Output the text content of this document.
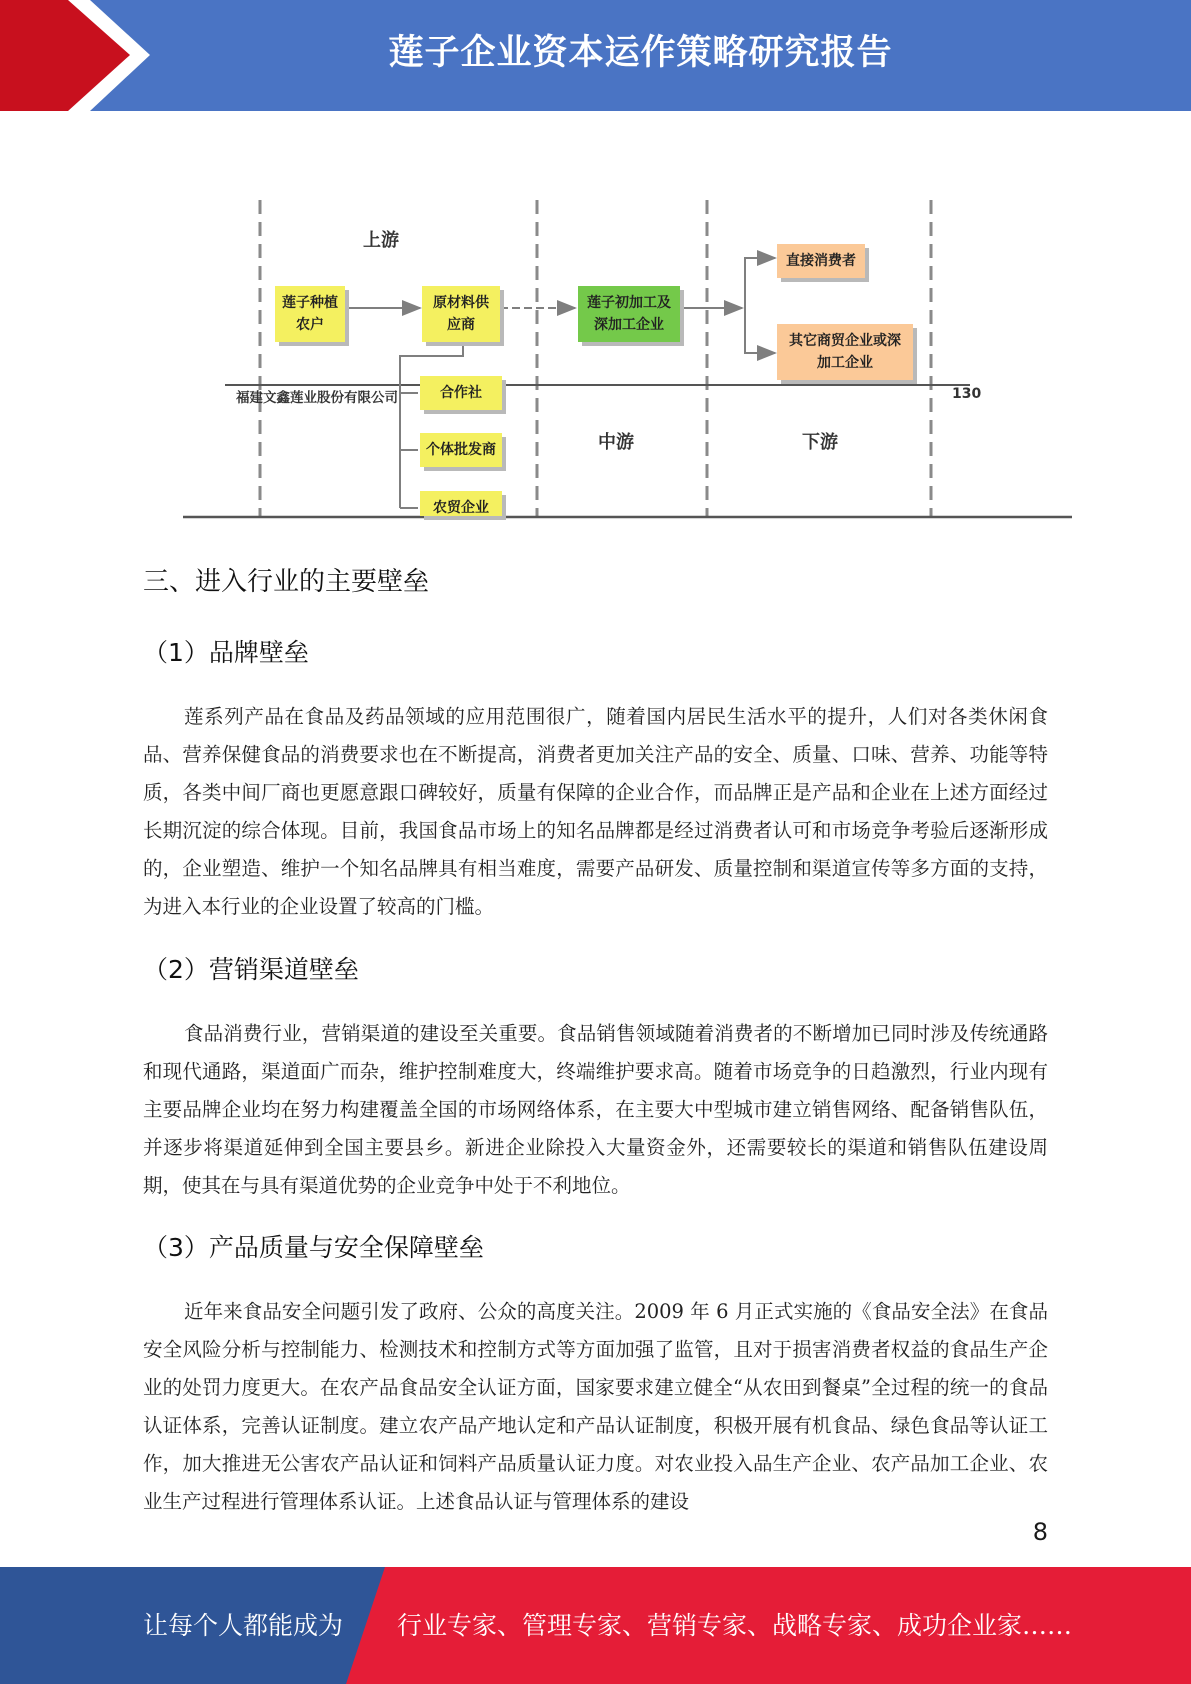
莲子企业资本运作策略研究报告
上游
中游	下游
福建文鑫莲业股份有限公司	130
莲子种植
农户
原材料供
应商
莲子初加工及
深加工企业
直接消费者
其它商贸企业或深
加工企业
合作社
个体批发商
农贸企业
三、进入行业的主要壁垒
（1）品牌壁垒

莲系列产品在食品及药品领域的应用范围很广，随着国内居民生活水平的提升，人们对各类休闲食品、营养保健食品的消费要求也在不断提高，消费者更加关注产品的安全、质量、口味、营养、功能等特质，各类中间厂商也更愿意跟口碑较好，质量有保障的企业合作，而品牌正是产品和企业在上述方面经过长期沉淀的综合体现。目前，我国食品市场上的知名品牌都是经过消费者认可和市场竞争考验后逐渐形成的，企业塑造、维护一个知名品牌具有相当难度，需要产品研发、质量控制和渠道宣传等多方面的支持，为进入本行业的企业设置了较高的门槛。

（2）营销渠道壁垒

食品消费行业，营销渠道的建设至关重要。食品销售领域随着消费者的不断增加已同时涉及传统通路和现代通路，渠道面广而杂，维护控制难度大，终端维护要求高。随着市场竞争的日趋激烈，行业内现有主要品牌企业均在努力构建覆盖全国的市场网络体系，在主要大中型城市建立销售网络、配备销售队伍，并逐步将渠道延伸到全国主要县乡。新进企业除投入大量资金外，还需要较长的渠道和销售队伍建设周期，使其在与具有渠道优势的企业竞争中处于不利地位。

（3）产品质量与安全保障壁垒

近年来食品安全问题引发了政府、公众的高度关注。2009 年 6 月正式实施的《食品安全法》在食品安全风险分析与控制能力、检测技术和控制方式等方面加强了监管，且对于损害消费者权益的食品生产企业的处罚力度更大。在农产品食品安全认证方面，国家要求建立健全“从农田到餐桌”全过程的统一的食品认证体系，完善认证制度。建立农产品产地认定和产品认证制度，积极开展有机食品、绿色食品等认证工作，加大推进无公害农产品认证和饲料产品质量认证力度。对农业投入品生产企业、农产品加工企业、农业生产过程进行管理体系认证。上述食品认证与管理体系的建设

8
让每个人都能成为 行业专家、管理专家、营销专家、战略专家、成功企业家……
